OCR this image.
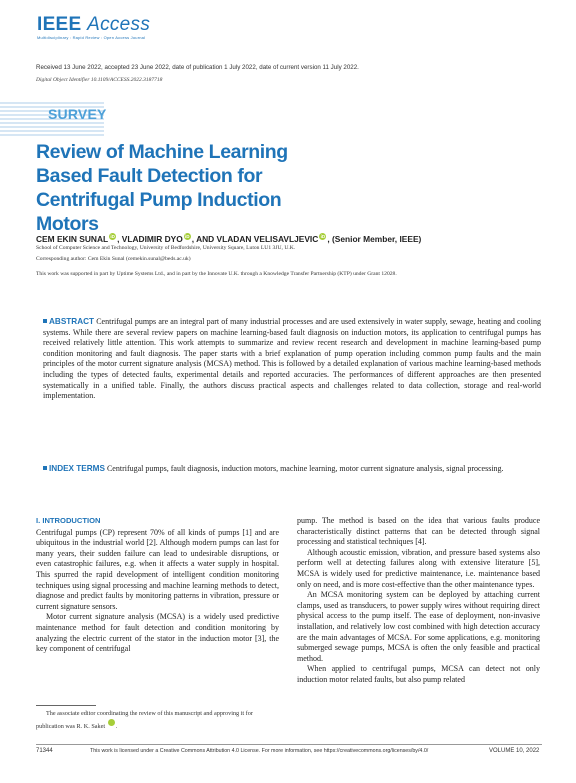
IEEE Access
Multidisciplinary : Rapid Review : Open Access Journal
Received 13 June 2022, accepted 23 June 2022, date of publication 1 July 2022, date of current version 11 July 2022.
Digital Object Identifier 10.1109/ACCESS.2022.3187718
SURVEY
Review of Machine Learning Based Fault Detection for Centrifugal Pump Induction Motors
CEM EKIN SUNAL iD , VLADIMIR DYO iD , AND VLADAN VELISAVLJEVIC iD , (Senior Member, IEEE)
School of Computer Science and Technology, University of Bedfordshire, University Square, Luton LU1 3JU, U.K.
Corresponding author: Cem Ekin Sunal (cemekin.sunal@beds.ac.uk)
This work was supported in part by Uptime Systems Ltd., and in part by the Innovate U.K. through a Knowledge Transfer Partnership (KTP) under Grant 12028.
ABSTRACT Centrifugal pumps are an integral part of many industrial processes and are used extensively in water supply, sewage, heating and cooling systems. While there are several review papers on machine learning-based fault diagnosis on induction motors, its application to centrifugal pumps has received relatively little attention. This work attempts to summarize and review recent research and development in machine learning-based pump condition monitoring and fault diagnosis. The paper starts with a brief explanation of pump operation including common pump faults and the main principles of the motor current signature analysis (MCSA) method. This is followed by a detailed explanation of various machine learning-based methods including the types of detected faults, experimental details and reported accuracies. The performances of different approaches are then presented systematically in a unified table. Finally, the authors discuss practical aspects and challenges related to data collection, storage and real-world implementation.
INDEX TERMS Centrifugal pumps, fault diagnosis, induction motors, machine learning, motor current signature analysis, signal processing.
I. INTRODUCTION

Centrifugal pumps (CP) represent 70% of all kinds of pumps [1] and are ubiquitous in the industrial world [2]. Although modern pumps can last for many years, their sudden failure can lead to undesirable disruptions, or even catastrophic failures, e.g. when it affects a water supply in hospital. This spurred the rapid development of intelligent condition monitoring techniques using signal processing and machine learning methods to detect, diagnose and predict faults by monitoring patterns in vibration, pressure or current signature sensors.

Motor current signature analysis (MCSA) is a widely used predictive maintenance method for fault detection and condition monitoring by analyzing the electric current of the stator in the induction motor [3], the key component of centrifugal

pump. The method is based on the idea that various faults produce characteristically distinct patterns that can be detected through signal processing and statistical techniques [4].

Although acoustic emission, vibration, and pressure based systems also perform well at detecting failures along with extensive literature [5], MCSA is widely used for predictive maintenance, i.e. maintenance based only on need, and is more cost-effective than the other maintenance types.

An MCSA monitoring system can be deployed by attaching current clamps, used as transducers, to power supply wires without requiring direct physical access to the pump itself. The ease of deployment, non-invasive installation, and relatively low cost combined with high detection accuracy are the main advantages of MCSA. For some applications, e.g. monitoring submerged sewage pumps, MCSA is often the only feasible and practical method.

When applied to centrifugal pumps, MCSA can detect not only induction motor related faults, but also pump related

The associate editor coordinating the review of this manuscript and approving it for publication was R. K. Saket iD.
71344	This work is licensed under a Creative Commons Attribution 4.0 License. For more information, see https://creativecommons.org/licenses/by/4.0/	VOLUME 10, 2022
